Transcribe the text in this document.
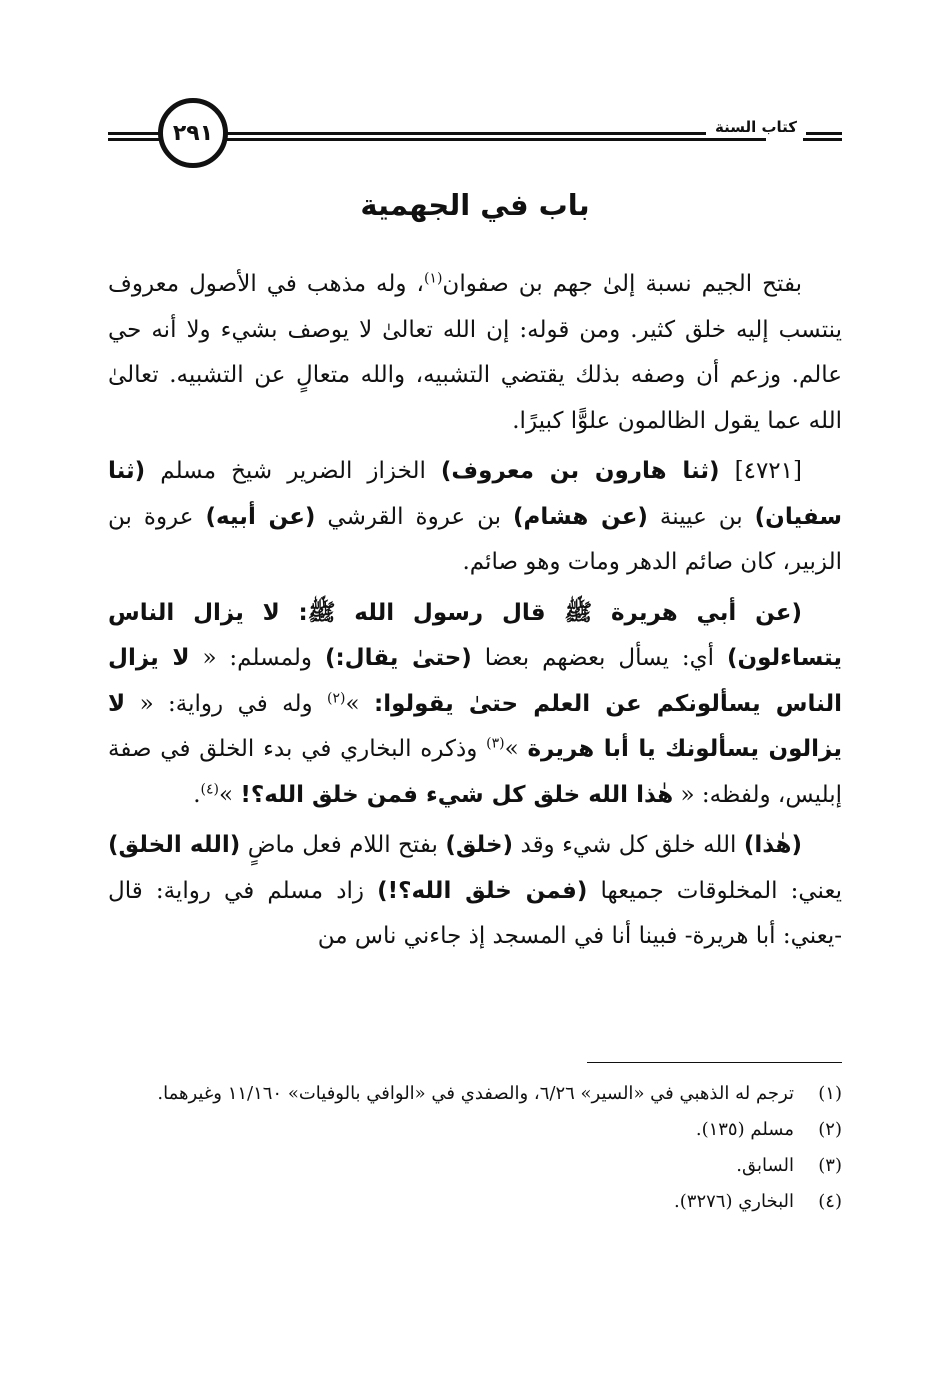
٢٩١	كتاب السنة
باب في الجهمية

بفتح الجيم نسبة إلىٰ جهم بن صفوان$^{(١)}$، وله مذهب في الأصول معروف ينتسب إليه خلق كثير. ومن قوله: إن الله تعالىٰ لا يوصف بشيء ولا أنه حي عالم. وزعم أن وصفه بذلك يقتضي التشبيه، والله متعالٍ عن التشبيه. تعالىٰ الله عما يقول الظالمون علوًّا كبيرًا.

[٤٧٢١] (ثنا هارون بن معروف) الخزاز الضرير شيخ مسلم (ثنا سفيان) بن عيينة (عن هشام) بن عروة القرشي (عن أبيه) عروة بن الزبير، كان صائم الدهر ومات وهو صائم.

(عن أبي هريرة ﷺ قال رسول الله ﷺ: لا يزال الناس يتساءلون) أي: يسأل بعضهم بعضا (حتىٰ يقال:) ولمسلم: « لا يزال الناس يسألونكم عن العلم حتىٰ يقولوا: »$^{(٢)}$ وله في رواية: « لا يزالون يسألونك يا أبا هريرة »$^{(٣)}$ وذكره البخاري في بدء الخلق في صفة إبليس، ولفظه: « هٰذا الله خلق كل شيء فمن خلق الله؟! »$^{(٤)}$.

(هٰذا) الله خلق كل شيء وقد (خلق) بفتح اللام فعل ماضٍ (الله الخلق) يعني: المخلوقات جميعها (فمن خلق الله؟!) زاد مسلم في رواية: قال -يعني: أبا هريرة- فبينا أنا في المسجد إذ جاءني ناس من

(١)
ترجم له الذهبي في «السير» ٦/٢٦، والصفدي في «الوافي بالوفيات» ١١/١٦٠ وغيرهما.
(٢)
مسلم (١٣٥).
(٣)
السابق.
(٤)
البخاري (٣٢٧٦).
